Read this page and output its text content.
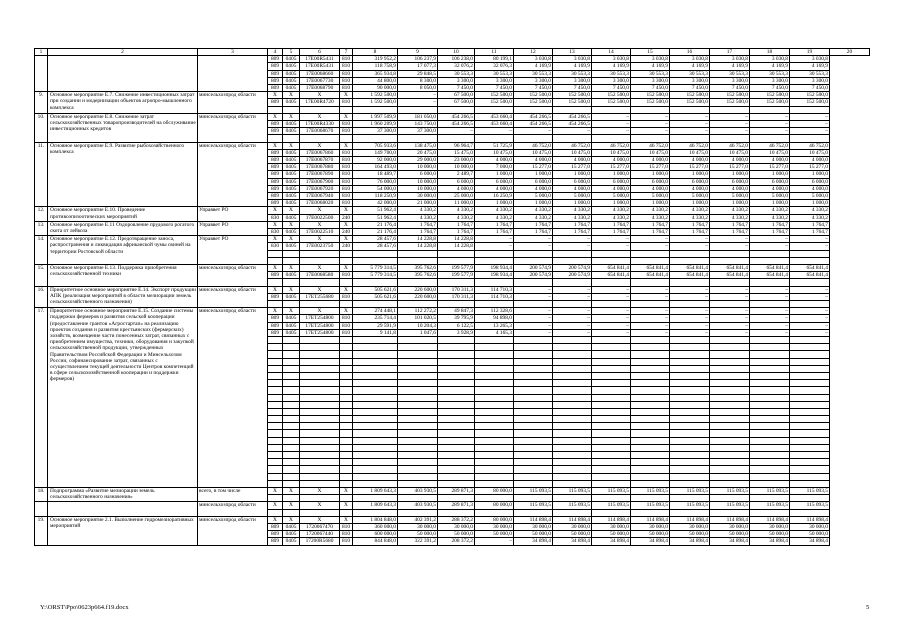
1	2	3	4	5	6	7	8	9	10	11	12	13	14	15	16	17	18	19	20
			809	0405	17Е00R5431	810	319 952,2	106 237,9	106 238,0	80 199,1	3 030,8	3 030,8	3 030,8	3 030,8	3 030,8	3 030,8	3 030,8	3 030,8	
			809	0405	17Е00R5431	810	118 758,9	17 077,3	32 076,2	32 076,3	4 169,9	4 169,9	4 169,9	4 169,9	4 169,9	4 169,9	4 169,9	4 169,9	
			809	0405	17Е0068660	810	365 934,8	29 848,5	30 553,3	30 553,3	30 553,3	30 553,3	30 553,3	30 553,3	30 553,3	30 553,3	30 553,3	30 553,3	
			809	0405	17Е0067730	810	44 800,0	8 300,0	3 300,0	3 300,0	3 300,0	3 300,0	3 300,0	3 300,0	3 300,0	3 300,0	3 300,0	3 300,0	
			809	0405	17Е0068790	810	90 000,0	8 050,0	7 450,0	7 450,0	7 450,0	7 450,0	7 450,0	7 450,0	7 450,0	7 450,0	7 450,0	7 450,0	
9.	Основное мероприятие Е.7. Снижение инвестиционных затрат при создании и модернизации объектов агропро-мышленного комплекса	минсельхозпрод области	Х	Х	Х	Х	1 592 500,0	–	67 500,0	152 500,0	152 500,0	152 500,0	152 500,0	152 500,0	152 500,0	152 500,0	152 500,0	152 500,0	
			809	0405	17Е00R4720	810	1 592 500,0	–	67 500,0	152 500,0	152 500,0	152 500,0	152 500,0	152 500,0	152 500,0	152 500,0	152 500,0	152 500,0	

10.	Основное мероприятие Е.8. Снижение затрат сельскохозяйственных товаропроизводителей на обслуживание инвестиционных кредитов	минсельхозпрод области	Х	Х	Х	Х	1 997 509,9	181 050,0	454 266,5	453 660,4	454 266,5	454 266,5	–	–	–	–	–	–	
			809	0405	17Е00R4330	810	1 960 209,9	143 750,0	454 266,5	453 660,4	454 266,5	454 266,5	–	–	–	–	–	–	
			809	0405	17Е0068670	810	37 300,0	37 300,0	–	–	–	–	–	–	–	–	–	–	

11.	Основное мероприятие Е.9. Развитие рыбохозяйственного комплекса	минсельхозпрод области	Х	Х	Х	Х	705 933,6	138 475,0	96 964,7	51 725,9	46 752,0	46 752,0	46 752,0	46 752,0	46 752,0	46 752,0	46 752,0	46 752,0	
			809	0405	17Е0067860	810	149 700,0	20 475,0	15 475,0	10 475,0	10 475,0	10 475,0	10 475,0	10 475,0	10 475,0	10 475,0	10 475,0	10 475,0	
			809	0405	17Е0067870	810	92 000,0	29 000,0	23 000,0	4 000,0	4 000,0	4 000,0	4 000,0	4 000,0	4 000,0	4 000,0	4 000,0	4 000,0	
			809	0405	17Е0067880	810	164 493,0	10 000,0	10 000,0	7 000,0	15 277,0	15 277,0	15 277,0	15 277,0	15 277,0	15 277,0	15 277,0	15 277,0	
			809	0405	17Е0067890	810	18 489,7	6 000,0	2 489,7	1 000,0	1 000,0	1 000,0	1 000,0	1 000,0	1 000,0	1 000,0	1 000,0	1 000,0	
			809	0405	17Е0067900	810	76 000,0	10 000,0	6 000,0	6 000,0	6 000,0	6 000,0	6 000,0	6 000,0	6 000,0	6 000,0	6 000,0	6 000,0	
			809	0405	17Е0067920	810	54 000,0	10 000,0	4 000,0	4 000,0	4 000,0	4 000,0	4 000,0	4 000,0	4 000,0	4 000,0	4 000,0	4 000,0	
			809	0405	17Е0067940	810	118 250,9	30 000,0	25 000,0	16 250,9	5 000,0	5 000,0	5 000,0	5 000,0	5 000,0	5 000,0	5 000,0	5 000,0	
			809	0405	17Е0068020	810	42 000,0	21 000,0	11 000,0	1 000,0	1 000,0	1 000,0	1 000,0	1 000,0	1 000,0	1 000,0	1 000,0	1 000,0	
12.	Основное мероприятие Е.10. Проведение противоэпизоотических мероприятий	Управвет РО	Х	Х	Х	Х	51 962,4	4 330,2	4 330,2	4 330,2	4 330,2	4 330,2	4 330,2	4 330,2	4 330,2	4 330,2	4 330,2	4 330,2	
			830	0405	17Е0022500	240	51 962,4	4 330,2	4 330,2	4 330,2	4 330,2	4 330,2	4 330,2	4 330,2	4 330,2	4 330,2	4 330,2	4 330,2	
13.	Основное мероприятие Е.11 Оздоровление прудового рогатого скота от лейкоза	Управвет РО	Х	Х	Х	Х	21 176,4	1 764,7	1 764,7	1 764,7	1 764,7	1 764,7	1 764,7	1 764,7	1 764,7	1 764,7	1 764,7	1 764,7	
			830	0405	17Е0022510	240	21 176,4	1 764,7	1 764,7	1 764,7	1 764,7	1 764,7	1 764,7	1 764,7	1 764,7	1 764,7	1 764,7	1 764,7	
14.	Основное мероприятие Е.12. Предотвращение заноса, распространения и ликвидация африканской чумы свиней на территории Ростовской области	Управвет РО	Х	Х	Х	Х	28 457,6	14 228,8	14 228,8	–	–	–	–	–	–	–	–	–	
			830	0405	17Е0023750	240	28 457,6	14 228,8	14 228,8	–	–	–	–	–	–	–	–	–	

15.	Основное мероприятие Е.13. Поддержка приобретения сельскохозяйственной техники	минсельхозпрод области	Х	Х	Х	Х	5 779 314,5	395 762,6	199 577,9	198 934,4	200 574,9	200 574,9	654 841,4	654 841,4	654 841,4	654 841,4	654 841,4	654 841,4	
			809	0405	17Е0068580	810	5 779 314,5	395 762,6	199 577,9	198 934,4	200 574,9	200 574,9	654 841,4	654 841,4	654 841,4	654 841,4	654 841,4	654 841,4	

16.	Приоритетное основное мероприятие Е.14. Экспорт продукции АПК (реализация мероприятий в области мелиорации земель сельскохозяйственного назначения)	минсельхозпрод области	Х	Х	Х	Х	505 621,6	220 600,0	170 311,3	114 710,3	–	–	–	–	–	–	–	–	
			809	0405	17ЕТ255680	810	505 621,6	220 600,0	170 311,3	114 710,3	–	–	–	–	–	–	–	–	

17.	Приоритетное основное мероприятие Е.15. Создание системы поддержки фермеров и развития сельской кооперации (предоставление грантов «Агростартап» на реализацию проектов создания и развития крестьянских (фермерских) хозяйств, возмещение части понесенных затрат, связанных с приобретением имущества, техники, оборудования и закупкой сельскохозяйственной продукции, утвержденных Правительством Российской Федерации и Минсельхозом России, софинансирование затрат, связанных с осуществлением текущей деятельности Центров компетенций в сфере сельскохозяйственной кооперации и поддержки фермеров)	минсельхозпрод области	Х	Х	Х	Х	274 448,1	112 272,2	49 847,3	112 328,6	–	–	–	–	–	–	–	–	
			809	0405	17ЕТ254800	810	235 714,4	101 020,5	39 795,9	94 898,0	–	–	–	–	–	–	–	–	
			809	0405	17ЕТ254800	810	29 591,9	10 204,3	6 122,5	13 265,3	–	–	–	–	–	–	–	–	
			809	0405	17ЕТ254800	810	9 141,8	1 047,6	3 928,9	4 165,3	–	–	–	–	–	–	–	–	

18.	Подпрограмма «Развитие мелиорации земель сельскохозяйственного назначения»	всего, в том числе	Х	Х	Х	Х	1 809 643,3	403 930,5	289 871,3	80 000,0	115 093,5	115 093,5	115 093,5	115 093,5	115 093,5	115 093,5	115 093,5	115 093,5	

		минсельхозпрод области	Х	Х	Х	Х	1 809 643,3	403 930,5	289 871,3	80 000,0	115 093,5	115 093,5	115 093,5	115 093,5	115 093,5	115 093,5	115 093,5	115 093,5	

19.	Основное мероприятие 2.1. Выполнение гидромелиоративных мероприятий	минсельхозпрод области	Х	Х	Х	Х	1 804 848,0	402 391,2	288 372,2	80 000,0	114 898,4	114 898,4	114 898,4	114 898,4	114 898,4	114 898,4	114 898,4	114 898,4	
			809	0405	1720067470	810	360 000,0	30 000,0	30 000,0	30 000,0	30 000,0	30 000,0	30 000,0	30 000,0	30 000,0	30 000,0	30 000,0	30 000,0	
			809	0405	1720067440	810	600 000,0	50 000,0	50 000,0	50 000,0	50 000,0	50 000,0	50 000,0	50 000,0	50 000,0	50 000,0	50 000,0	50 000,0	
			809	0405	17200R5680	810	844 848,0	322 391,2	208 372,2	–	34 898,4	34 898,4	34 898,4	34 898,4	34 898,4	34 898,4	34 898,4	34 898,4	
Y:\ORST\Ppo\0623p664.f19.docx	5
